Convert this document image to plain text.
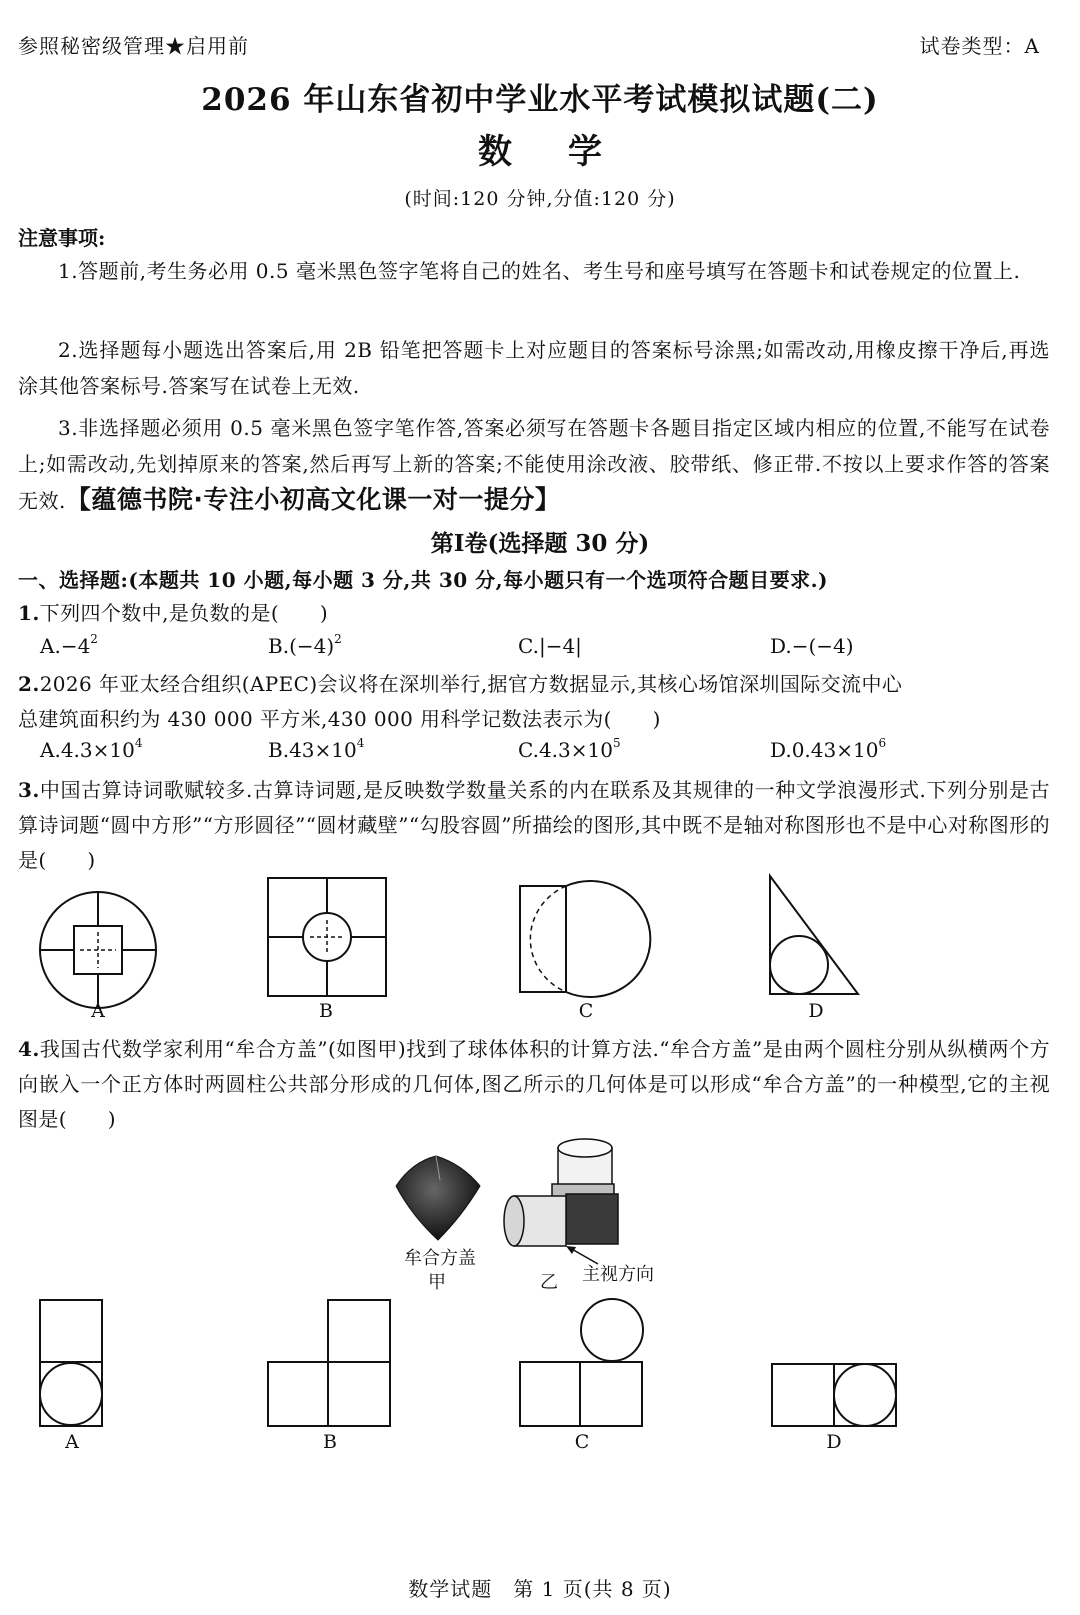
参照秘密级管理★启用前	试卷类型：A
2026 年山东省初中学业水平考试模拟试题(二)
数 学
(时间:120 分钟,分值:120 分)
注意事项:
1.答题前,考生务必用 0.5 毫米黑色签字笔将自己的姓名、考生号和座号填写在答题卡和试卷规定的位置上.
2.选择题每小题选出答案后,用 2B 铅笔把答题卡上对应题目的答案标号涂黑;如需改动,用橡皮擦干净后,再选涂其他答案标号.答案写在试卷上无效.
3.非选择题必须用 0.5 毫米黑色签字笔作答,答案必须写在答题卡各题目指定区域内相应的位置,不能写在试卷上;如需改动,先划掉原来的答案,然后再写上新的答案;不能使用涂改液、胶带纸、修正带.不按以上要求作答的答案无效.【蕴德书院·专注小初高文化课一对一提分】
第Ⅰ卷(选择题 30 分)
一、选择题:(本题共 10 小题,每小题 3 分,共 30 分,每小题只有一个选项符合题目要求.)
1.下列四个数中,是负数的是(　　)
$A.-4^2$	$B.(-4)^2$	C.|−4|	D.−(−4)
2.2026 年亚太经合组织(APEC)会议将在深圳举行,据官方数据显示,其核心场馆深圳国际交流中心
总建筑面积约为 430 000 平方米,430 000 用科学记数法表示为(　　)
$A.4.3\times 10^4$	$B.43\times 10^4$	$C.4.3\times 10^5$	$D.0.43\times 10^6$
3.中国古算诗词歌赋较多.古算诗词题,是反映数学数量关系的内在联系及其规律的一种文学浪漫形式.下列分别是古算诗词题“圆中方形”“方形圆径”“圆材藏壁”“勾股容圆”所描绘的图形,其中既不是轴对称图形也不是中心对称图形的是(　　)
A	B	C	D
4.我国古代数学家利用“牟合方盖”(如图甲)找到了球体体积的计算方法.“牟合方盖”是由两个圆柱分别从纵横两个方向嵌入一个正方体时两圆柱公共部分形成的几何体,图乙所示的几何体是可以形成“牟合方盖”的一种模型,它的主视图是(　　)
牟合方盖
甲	乙 主视方向
A	B	C	D
数学试题　第 1 页(共 8 页)
